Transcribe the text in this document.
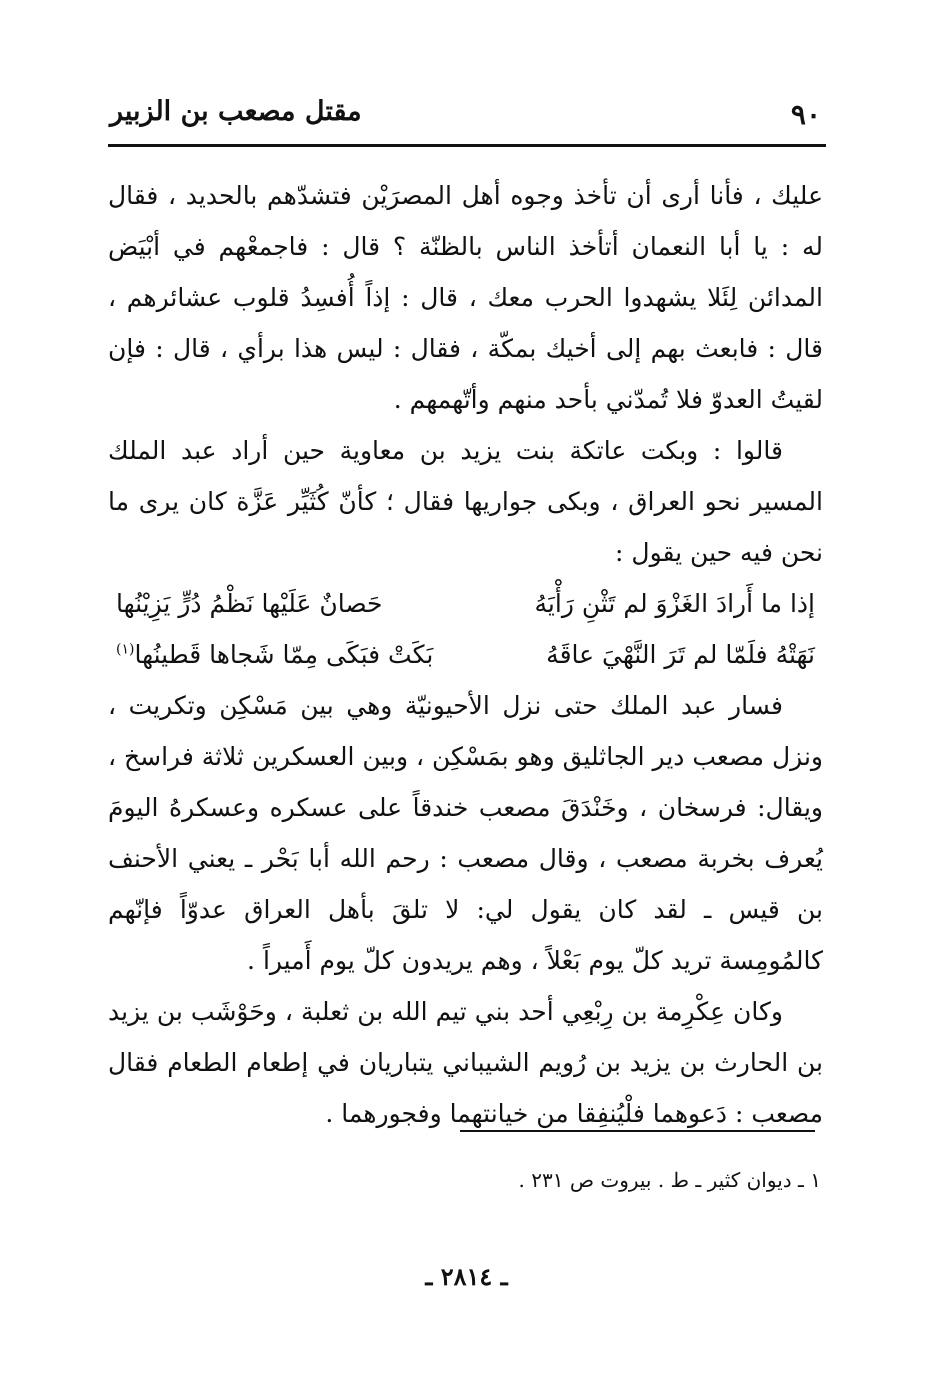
٩٠
مقتل مصعب بن الزبير

عليك ، فأنا أرى أن تأخذ وجوه أهل المصرَيْن فتشدّهم بالحديد ، فقال له : يا أبا النعمان أتأخذ الناس بالظنّة ؟ قال : فاجمعْهم في أبْيَض المدائن لِئَلا يشهدوا الحرب معك ، قال : إذاً أُفسِدُ قلوب عشائرهم ، قال : فابعث بهم إلى أخيك بمكّة ، فقال : ليس هذا برأي ، قال : فإن لقيتُ العدوّ فلا تُمدّني بأحد منهم وأتّهمهم .

قالوا : وبكت عاتكة بنت يزيد بن معاوية حين أراد عبد الملك المسير نحو العراق ، وبكى جواريها فقال ؛ كأنّ كُثَيِّر عَزَّة كان يرى ما نحن فيه حين يقول :

إذا ما أَرادَ الغَزْوَ لم تَثْنِ رَأْيَهُ
حَصانٌ عَلَيْها نَظْمُ دُرٍّ يَزِيْنُها
نَهَتْهُ فلَمّا لم تَرَ النَّهْيَ عاقَهُ
بَكَتْ فبَكَى مِمّا شَجاها قَطينُها$^{(١)}$

فسار عبد الملك حتى نزل الأحيونيّة وهي بين مَسْكِن وتكريت ، ونزل مصعب دير الجاثليق وهو بمَسْكِن ، وبين العسكرين ثلاثة فراسخ ، ويقال: فرسخان ، وخَنْدَقَ مصعب خندقاً على عسكره وعسكرهُ اليومَ يُعرف بخربة مصعب ، وقال مصعب : رحم الله أبا بَحْر ـ يعني الأحنف بن قيس ـ لقد كان يقول لي: لا تلقَ بأهل العراق عدوّاً فإنّهم كالمُومِسة تريد كلّ يوم بَعْلاً ، وهم يريدون كلّ يوم أَميراً .

وكان عِكْرِمة بن رِبْعِي أحد بني تيم الله بن ثعلبة ، وحَوْشَب بن يزيد بن الحارث بن يزيد بن رُويم الشيباني يتباريان في إطعام الطعام فقال مصعب : دَعوهما فلْيُنفِقا من خيانتهما وفجورهما .

١ ـ ديوان كثير ـ ط . بيروت ص ٢٣١ .
ـ ٢٨١٤ ـ
